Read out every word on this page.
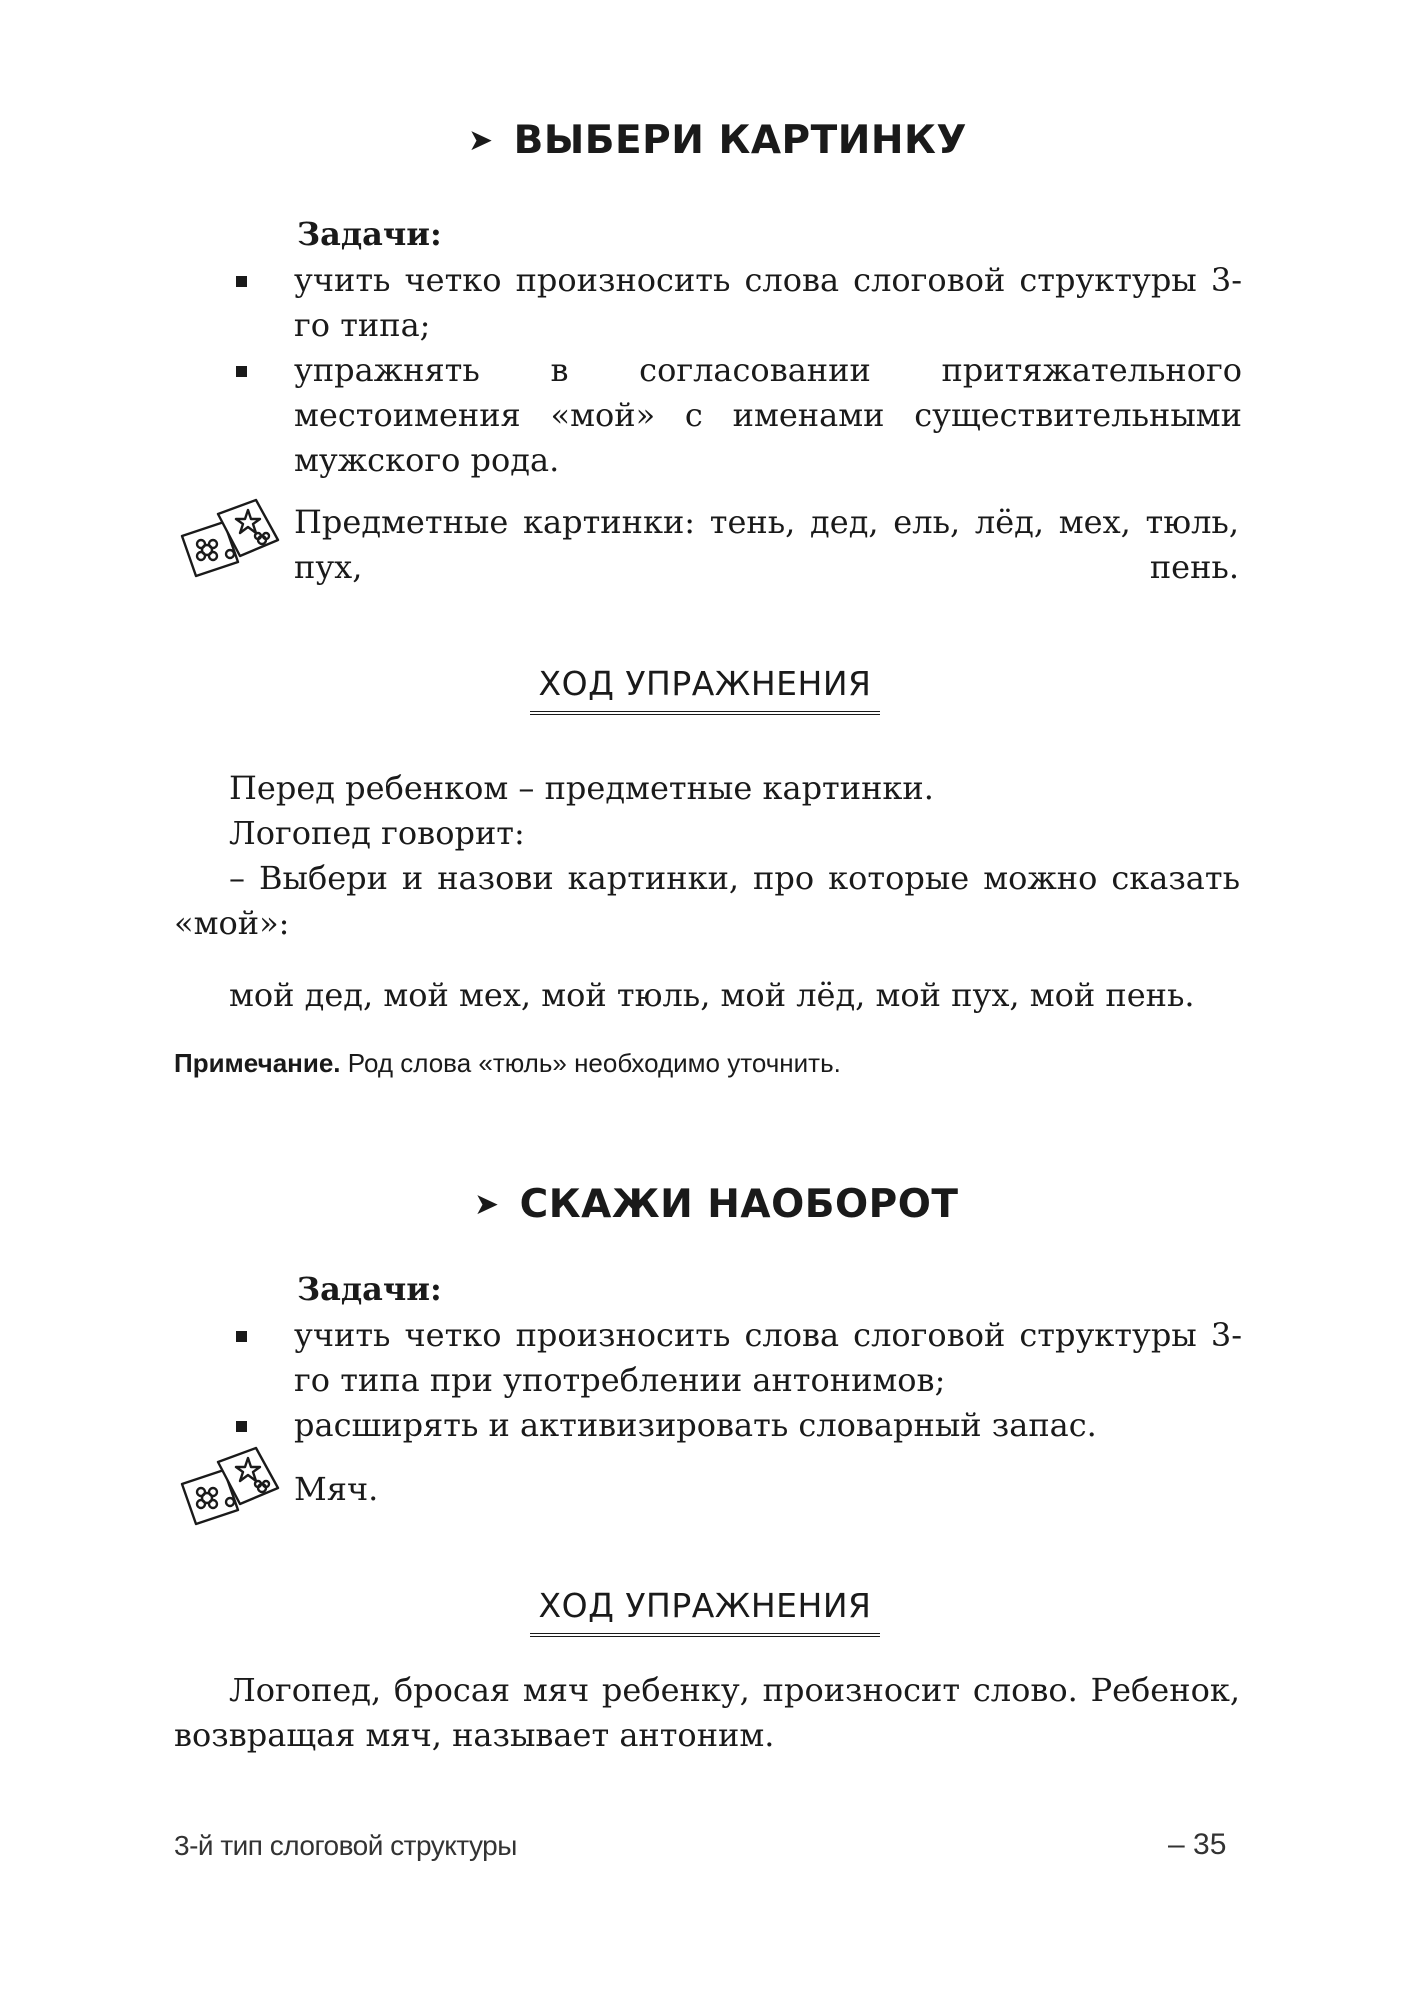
➤ ВЫБЕРИ КАРТИНКУ
Задачи:
учить четко произносить слова слоговой структуры 3-го типа;
упражнять в согласовании притяжательного местоимения «мой» с именами существительными мужского рода.
Предметные картинки: тень, дед, ель, лёд, мех, тюль, пух, пень.
ХОД УПРАЖНЕНИЯ
Перед ребенком – предметные картинки.
Логопед говорит:
– Выбери и назови картинки, про которые можно сказать «мой»:
мой дед, мой мех, мой тюль, мой лёд, мой пух, мой пень.
Примечание. Род слова «тюль» необходимо уточнить.
➤ СКАЖИ НАОБОРОТ
Задачи:
учить четко произносить слова слоговой структуры 3-го типа при употреблении антонимов;
расширять и активизировать словарный запас.
Мяч.
ХОД УПРАЖНЕНИЯ
Логопед, бросая мяч ребенку, произносит слово. Ребенок, возвращая мяч, называет антоним.
3-й тип слоговой структуры	– 35
